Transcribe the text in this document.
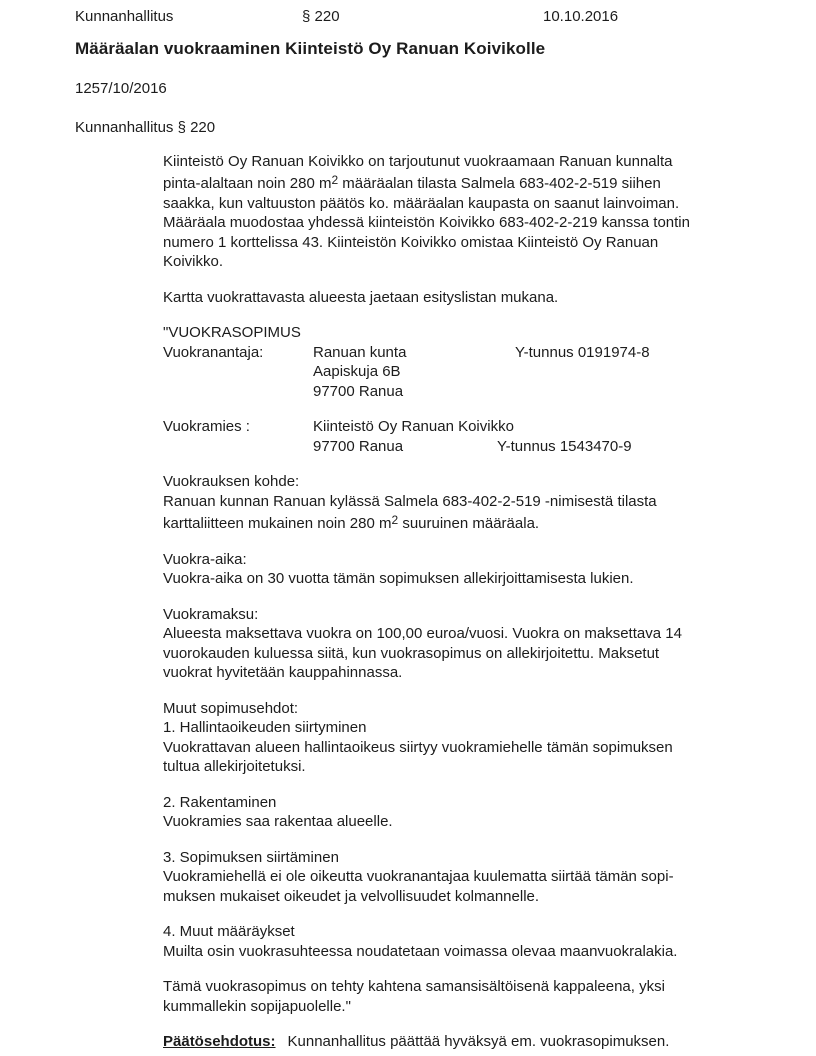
Kunnanhallitus	§ 220	10.10.2016
Määräalan vuokraaminen Kiinteistö Oy Ranuan Koivikolle
1257/10/2016
Kunnanhallitus § 220
Kiinteistö Oy Ranuan Koivikko on tarjoutunut vuokraamaan Ranuan kunnalta
pinta-alaltaan noin 280 $m^2$ määräalan tilasta Salmela 683-402-2-519 siihen
saakka, kun valtuuston päätös ko. määräalan kaupasta on saanut lainvoiman.
Määräala muodostaa yhdessä kiinteistön Koivikko 683-402-2-219 kanssa tontin
numero 1 korttelissa 43. Kiinteistön Koivikko omistaa Kiinteistö Oy Ranuan
Koivikko.
Kartta vuokrattavasta alueesta jaetaan esityslistan mukana.
"VUOKRASOPIMUS
Vuokranantaja:	Ranuan kunta	Y-tunnus 0191974-8
Aapiskuja 6B
97700 Ranua
Vuokramies :	Kiinteistö Oy Ranuan Koivikko
97700 Ranua	Y-tunnus 1543470-9
Vuokrauksen kohde:
Ranuan kunnan Ranuan kylässä Salmela 683-402-2-519 -nimisestä tilasta
karttaliitteen mukainen noin 280 $m^2$ suuruinen määräala.
Vuokra-aika:
Vuokra-aika on 30 vuotta tämän sopimuksen allekirjoittamisesta lukien.
Vuokramaksu:
Alueesta maksettava vuokra on 100,00 euroa/vuosi. Vuokra on maksettava 14
vuorokauden kuluessa siitä, kun vuokrasopimus on allekirjoitettu. Maksetut
vuokrat hyvitetään kauppahinnassa.
Muut sopimusehdot:
1. Hallintaoikeuden siirtyminen
Vuokrattavan alueen hallintaoikeus siirtyy vuokramiehelle tämän sopimuksen
tultua allekirjoitetuksi.
2. Rakentaminen
Vuokramies saa rakentaa alueelle.
3. Sopimuksen siirtäminen
Vuokramiehellä ei ole oikeutta vuokranantajaa kuulematta siirtää tämän sopi-
muksen mukaiset oikeudet ja velvollisuudet kolmannelle.
4. Muut määräykset
Muilta osin vuokrasuhteessa noudatetaan voimassa olevaa maanvuokralakia.
Tämä vuokrasopimus on tehty kahtena samansisältöisenä kappaleena, yksi
kummallekin sopijapuolelle."
Päätösehdotus: Kunnanhallitus päättää hyväksyä em. vuokrasopimuksen.
